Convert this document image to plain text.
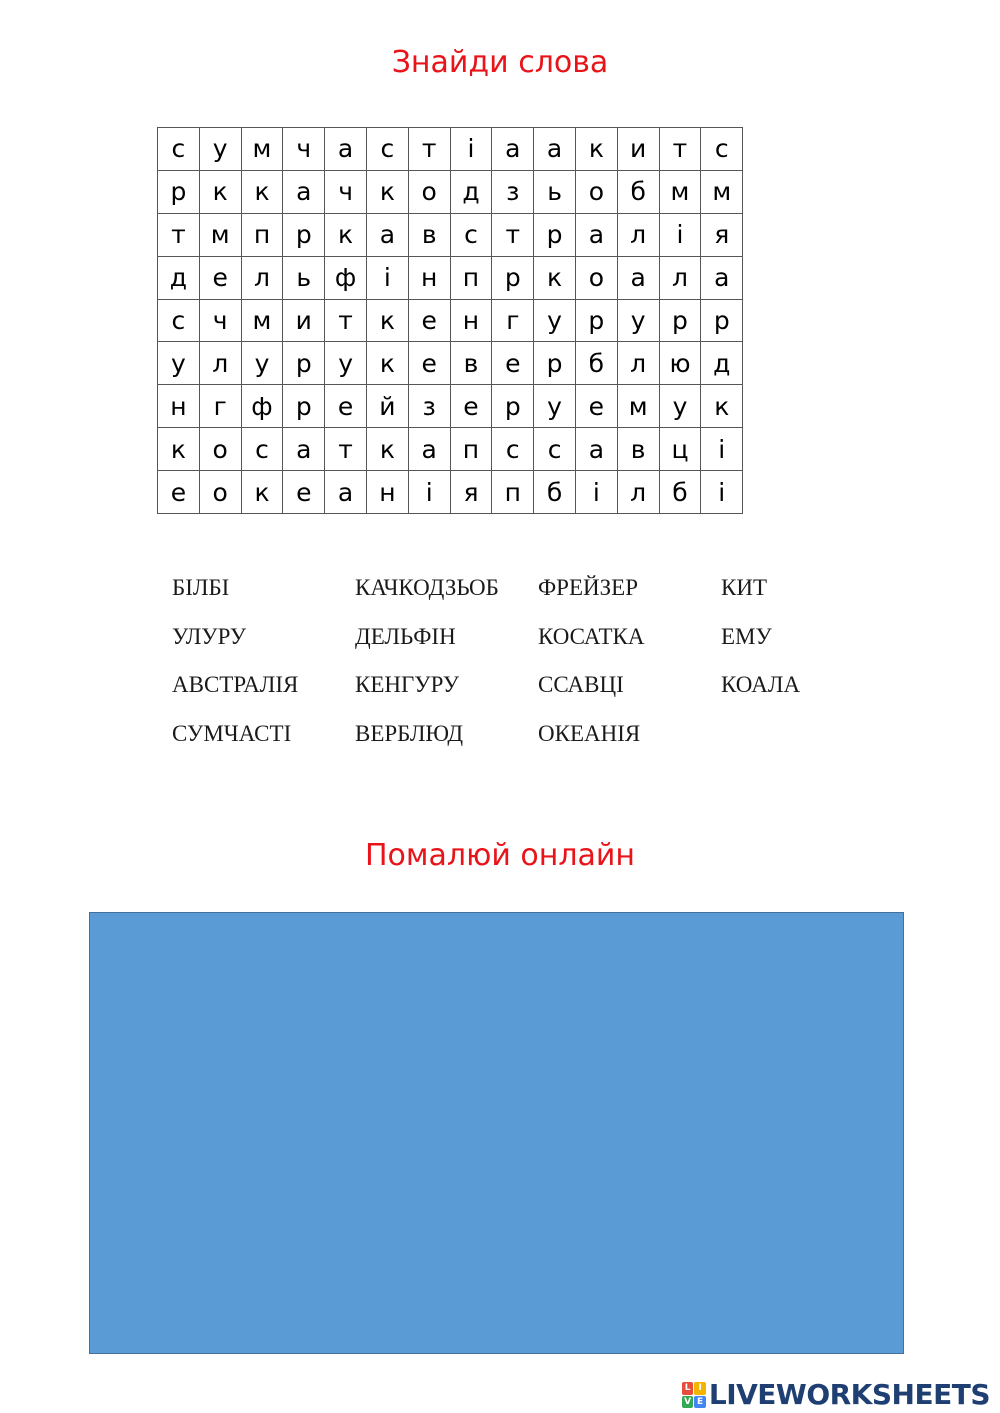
Знайди слова
с	у	м	ч	а	с	т	і	а	а	к	и	т	с
р	к	к	а	ч	к	о	д	з	ь	о	б	м	м
т	м	п	р	к	а	в	с	т	р	а	л	і	я
д	е	л	ь	ф	і	н	п	р	к	о	а	л	а
с	ч	м	и	т	к	е	н	г	у	р	у	р	р
у	л	у	р	у	к	е	в	е	р	б	л	ю	д
н	г	ф	р	е	й	з	е	р	у	е	м	у	к
к	о	с	а	т	к	а	п	с	с	а	в	ц	і
е	о	к	е	а	н	і	я	п	б	і	л	б	і
БІЛБІ	КАЧКОДЗЬОБ	ФРЕЙЗЕР	КИТ
УЛУРУ	ДЕЛЬФІН	КОСАТКА	ЕМУ
АВСТРАЛІЯ	КЕНГУРУ	ССАВЦІ	КОАЛА
СУМЧАСТІ	ВЕРБЛЮД	ОКЕАНІЯ
Помалюй онлайн
L I
V E LIVEWORKSHEETS
